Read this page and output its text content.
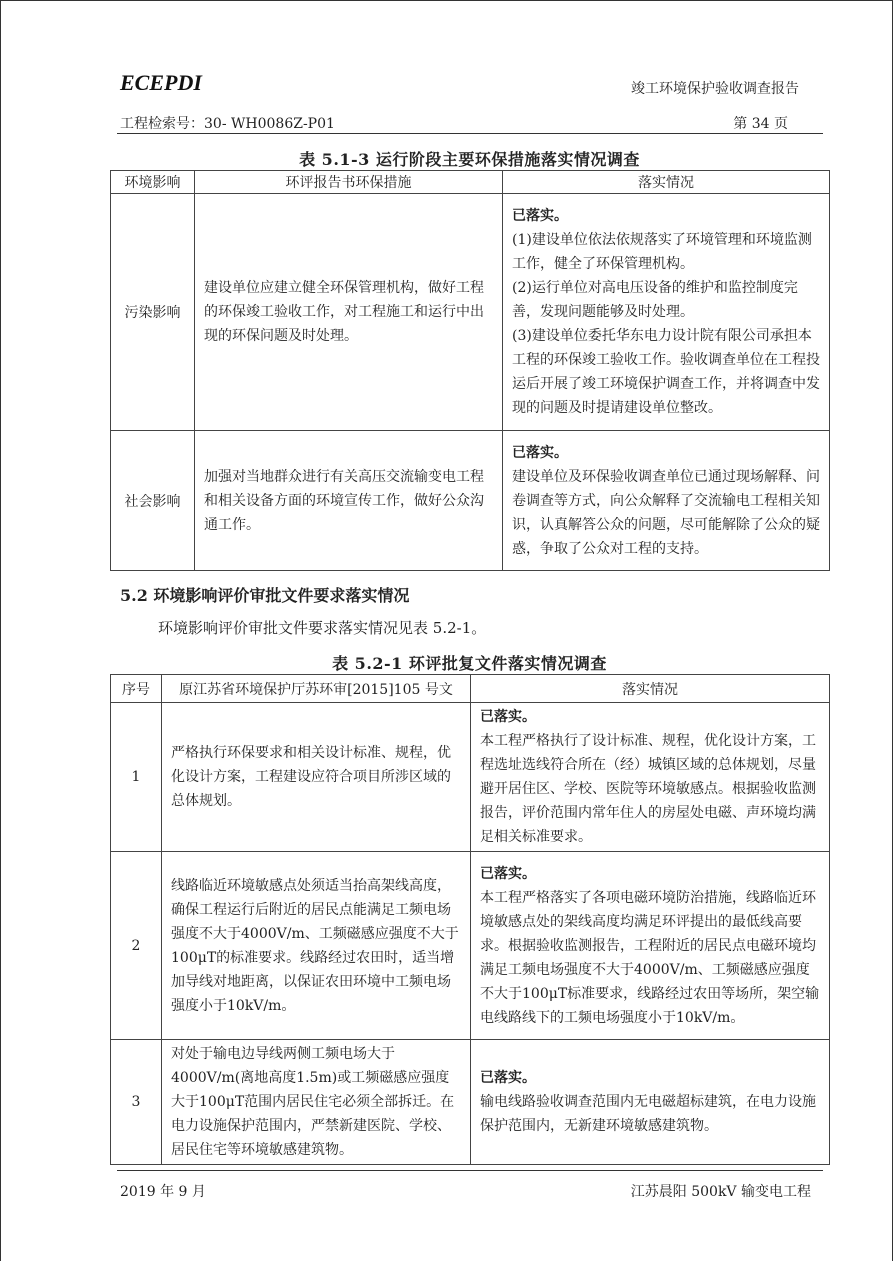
ECEPDI	竣工环境保护验收调查报告
工程检索号：30- WH0086Z-P01	第 34 页
表 5.1-3 运行阶段主要环保措施落实情况调查
环境影响	环评报告书环保措施	落实情况
污染影响	建设单位应建立健全环保管理机构，做好工程的环保竣工验收工作，对工程施工和运行中出现的环保问题及时处理。	已落实。
(1)建设单位依法依规落实了环境管理和环境监测工作，健全了环保管理机构。
(2)运行单位对高电压设备的维护和监控制度完善，发现问题能够及时处理。
(3)建设单位委托华东电力设计院有限公司承担本工程的环保竣工验收工作。验收调查单位在工程投运后开展了竣工环境保护调查工作，并将调查中发现的问题及时提请建设单位整改。

社会影响	加强对当地群众进行有关高压交流输变电工程和相关设备方面的环境宣传工作，做好公众沟通工作。	已落实。
建设单位及环保验收调查单位已通过现场解释、问卷调查等方式，向公众解释了交流输电工程相关知识，认真解答公众的问题，尽可能解除了公众的疑惑，争取了公众对工程的支持。
5.2 环境影响评价审批文件要求落实情况
环境影响评价审批文件要求落实情况见表 5.2-1。
表 5.2-1 环评批复文件落实情况调查
序号	原江苏省环境保护厅苏环审[2015]105 号文	落实情况
1	严格执行环保要求和相关设计标准、规程，优化设计方案，工程建设应符合项目所涉区域的总体规划。	已落实。
本工程严格执行了设计标准、规程，优化设计方案，工程选址选线符合所在（经）城镇区域的总体规划，尽量避开居住区、学校、医院等环境敏感点。根据验收监测报告，评价范围内常年住人的房屋处电磁、声环境均满足相关标准要求。

2	线路临近环境敏感点处须适当抬高架线高度，确保工程运行后附近的居民点能满足工频电场强度不大于4000V/m、工频磁感应强度不大于100μT的标准要求。线路经过农田时，适当增加导线对地距离，以保证农田环境中工频电场强度小于10kV/m。	已落实。
本工程严格落实了各项电磁环境防治措施，线路临近环境敏感点处的架线高度均满足环评提出的最低线高要求。根据验收监测报告，工程附近的居民点电磁环境均满足工频电场强度不大于4000V/m、工频磁感应强度不大于100μT标准要求，线路经过农田等场所，架空输电线路线下的工频电场强度小于10kV/m。

3	对处于输电边导线两侧工频电场大于4000V/m(离地高度1.5m)或工频磁感应强度大于100μT范围内居民住宅必须全部拆迁。在电力设施保护范围内，严禁新建医院、学校、居民住宅等环境敏感建筑物。	已落实。
输电线路验收调查范围内无电磁超标建筑，在电力设施保护范围内，无新建环境敏感建筑物。
2019 年 9 月	江苏晨阳 500kV 输变电工程
